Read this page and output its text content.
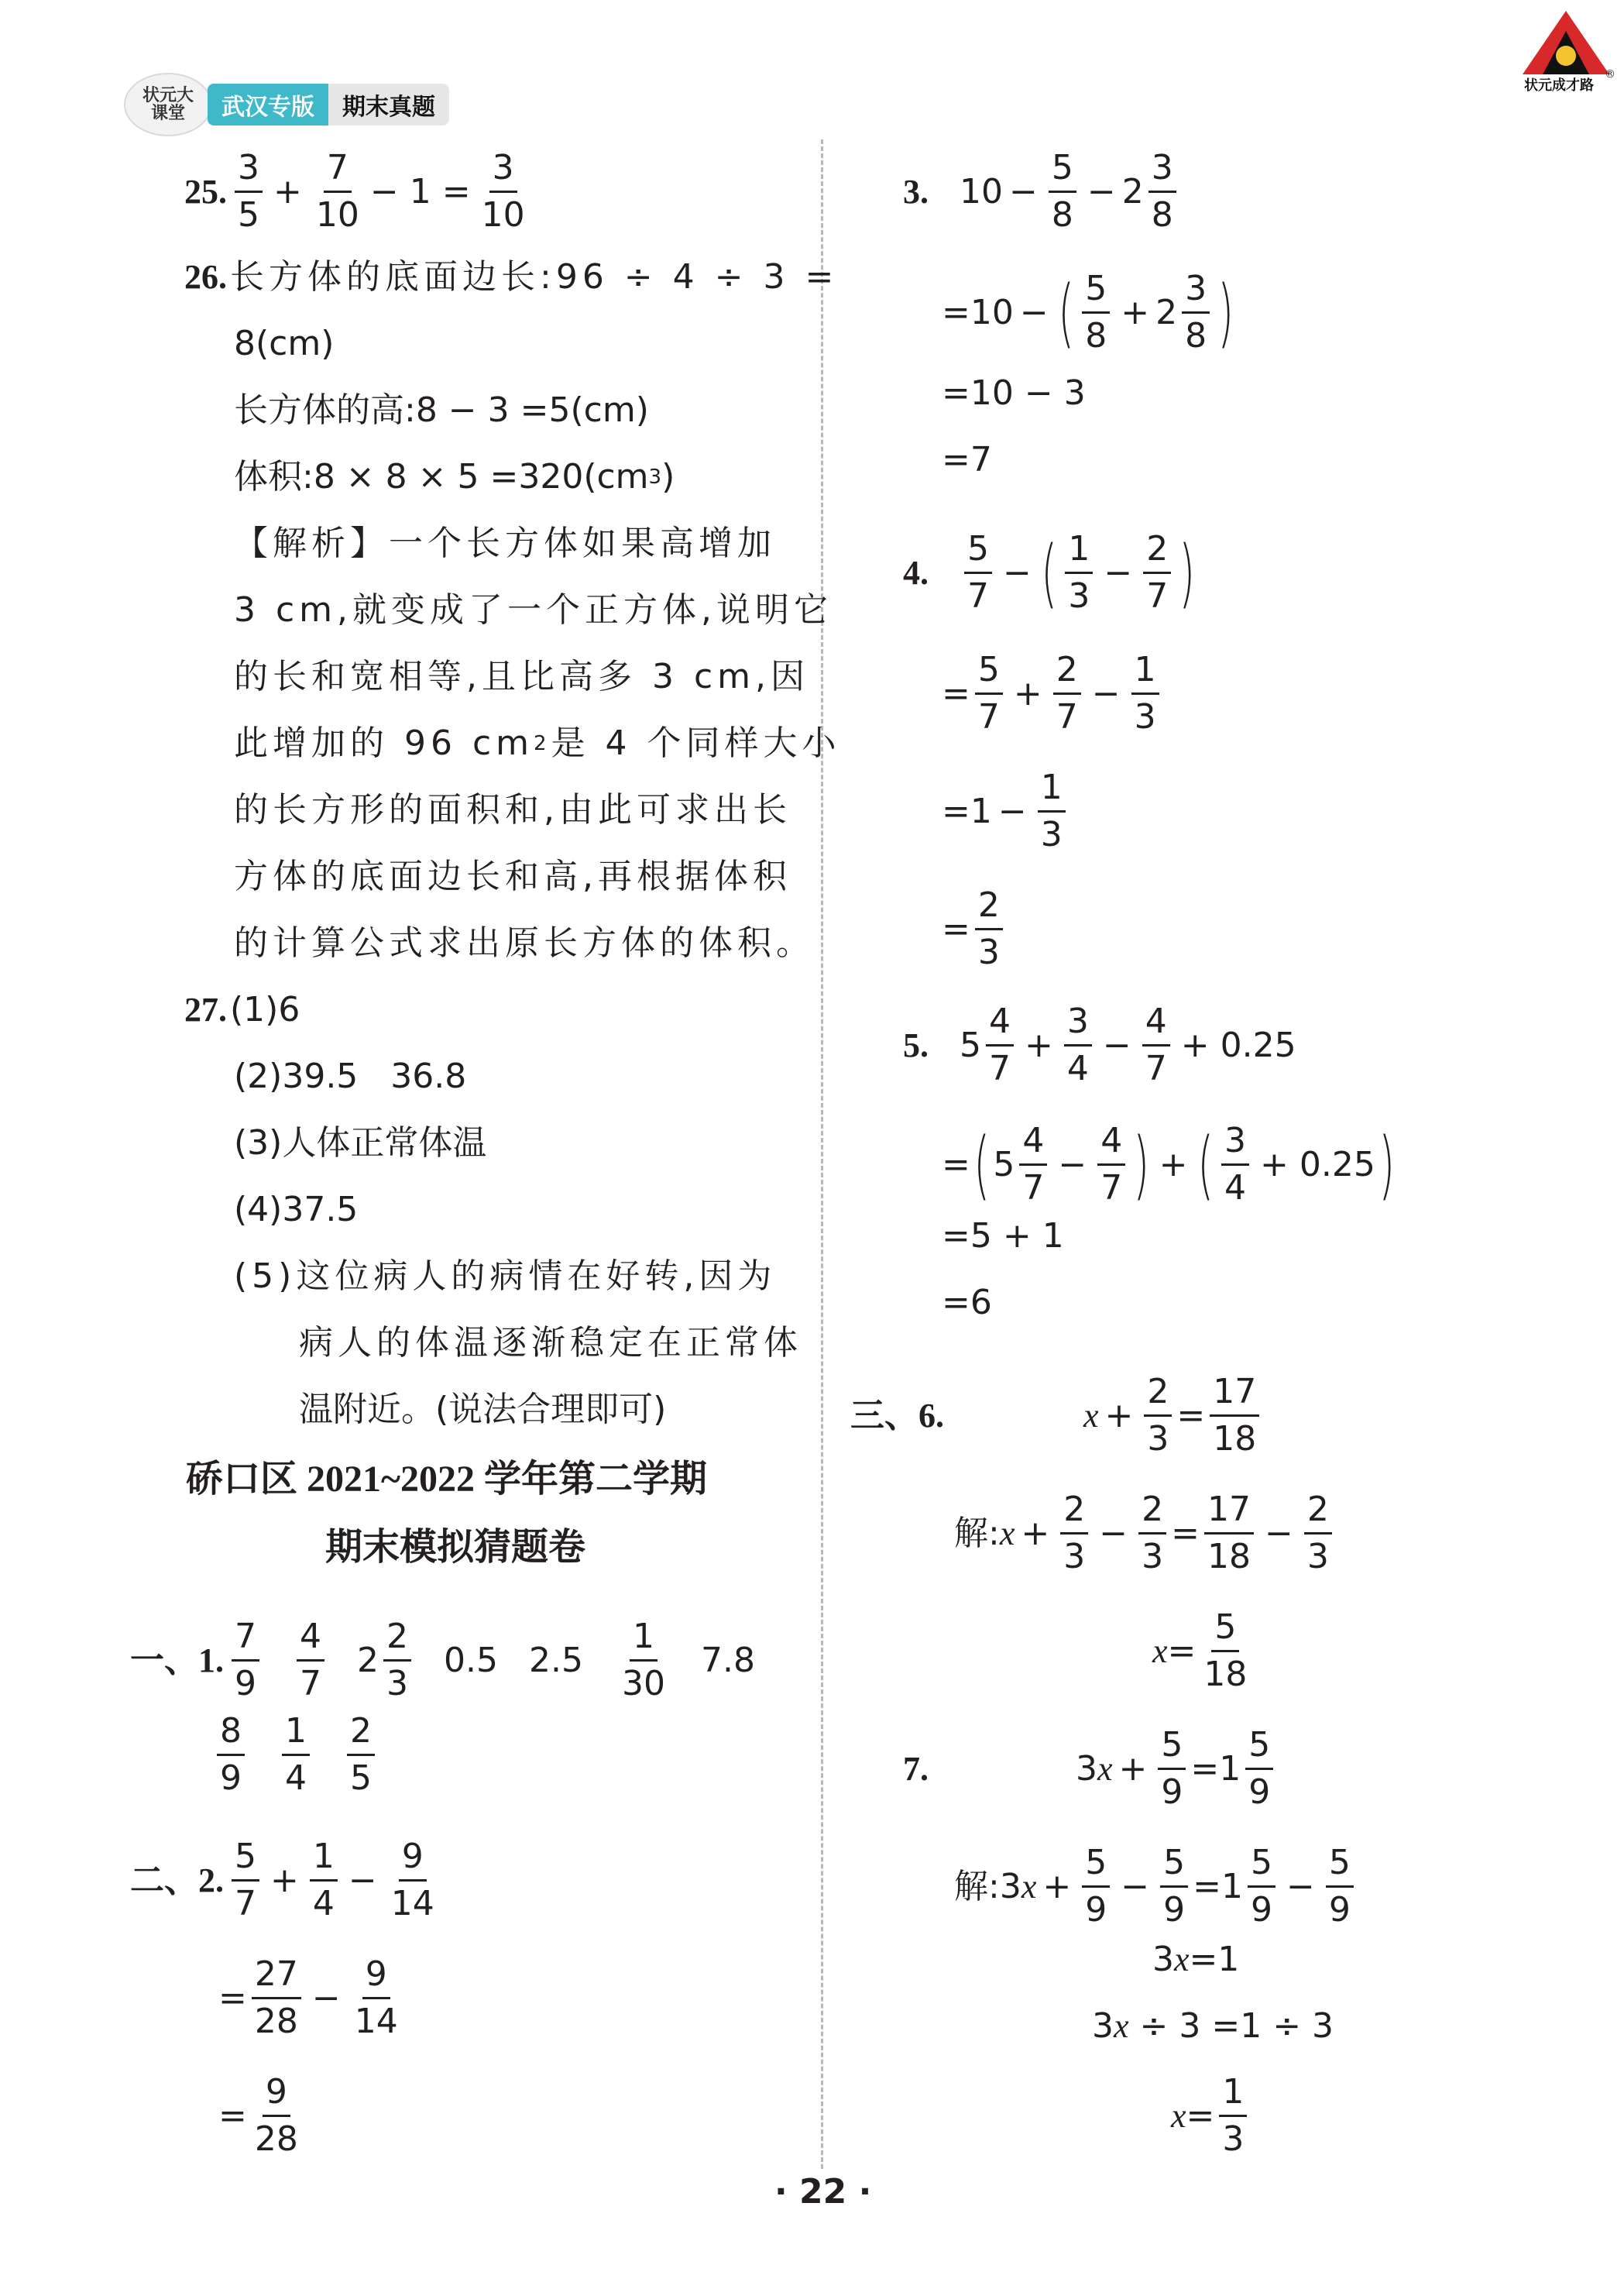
状元大课堂	武汉专版 期末真题
状元成才路
®
25. $\frac{3}{5} + \frac{7}{10} - 1 = \frac{3}{10}$
26. 长方体的底面边长:96 ÷ 4 ÷ 3 =
8(cm)
长方体的高:8 − 3 =5(cm)
体积:8 × 8 × 5 =320(cm 3 )
【解析】一个长方体如果高增加
3 cm,就变成了一个正方体,说明它
的长和宽相等,且比高多 3 cm,因
此增加的 96 cm 2 是 4 个同样大小
的长方形的面积和,由此可求出长
方体的底面边长和高,再根据体积
的计算公式求出原长方体的体积。
27. (1)6
(2)39.5   36.8
(3)人体正常体温
(4)37.5
(5)这位病人的病情在好转,因为
病人的体温逐渐稳定在正常体
温附近。(说法合理即可)
硚口区 2021~2022 学年第二学期
期末模拟猜题卷
一、1. $\frac{7}{9} \frac{4}{7} 2 \frac{2}{3} 0.5$ $2.5 \frac{1}{30} 7.8$
$\frac{8}{9} \frac{1}{4} \frac{2}{5}$
二、2. $\frac{5}{7} + \frac{1}{4} - \frac{9}{14}$
= $\frac{27}{28} - \frac{9}{14}$
= $\frac{9}{28}$
3. $10 - \frac{5}{8} - 2 \frac{3}{8}$
= 10 − ( $\frac{5}{8} + 2 \frac{3}{8}$ )
=10 − 3
=7
4. $\frac{5}{7}$ − ( $\frac{1}{3} - \frac{2}{7}$ )
= $\frac{5}{7} + \frac{2}{7} - \frac{1}{3}$
= $1 - \frac{1}{3}$
= $\frac{2}{3}$
5. $5 \frac{4}{7} + \frac{3}{4} - \frac{4}{7} + 0.25$
= ( $5 \frac{4}{7} - \frac{4}{7}$ ) + ( $\frac{3}{4} + 0.25$ )
=5 + 1
=6
三、6.	$x + \frac{2}{3} = \frac{17}{18}$
解: $x + \frac{2}{3} - \frac{2}{3} = \frac{17}{18} - \frac{2}{3}$
$x = \frac{5}{18}$
7.	3 $x + \frac{5}{9} = 1 \frac{5}{9}$
解: 3 $x + \frac{5}{9} - \frac{5}{9} = 1 \frac{5}{9} - \frac{5}{9}$
3 x =1
3 x ÷ 3 =1 ÷ 3
$x = \frac{1}{3}$
· 22 ·
